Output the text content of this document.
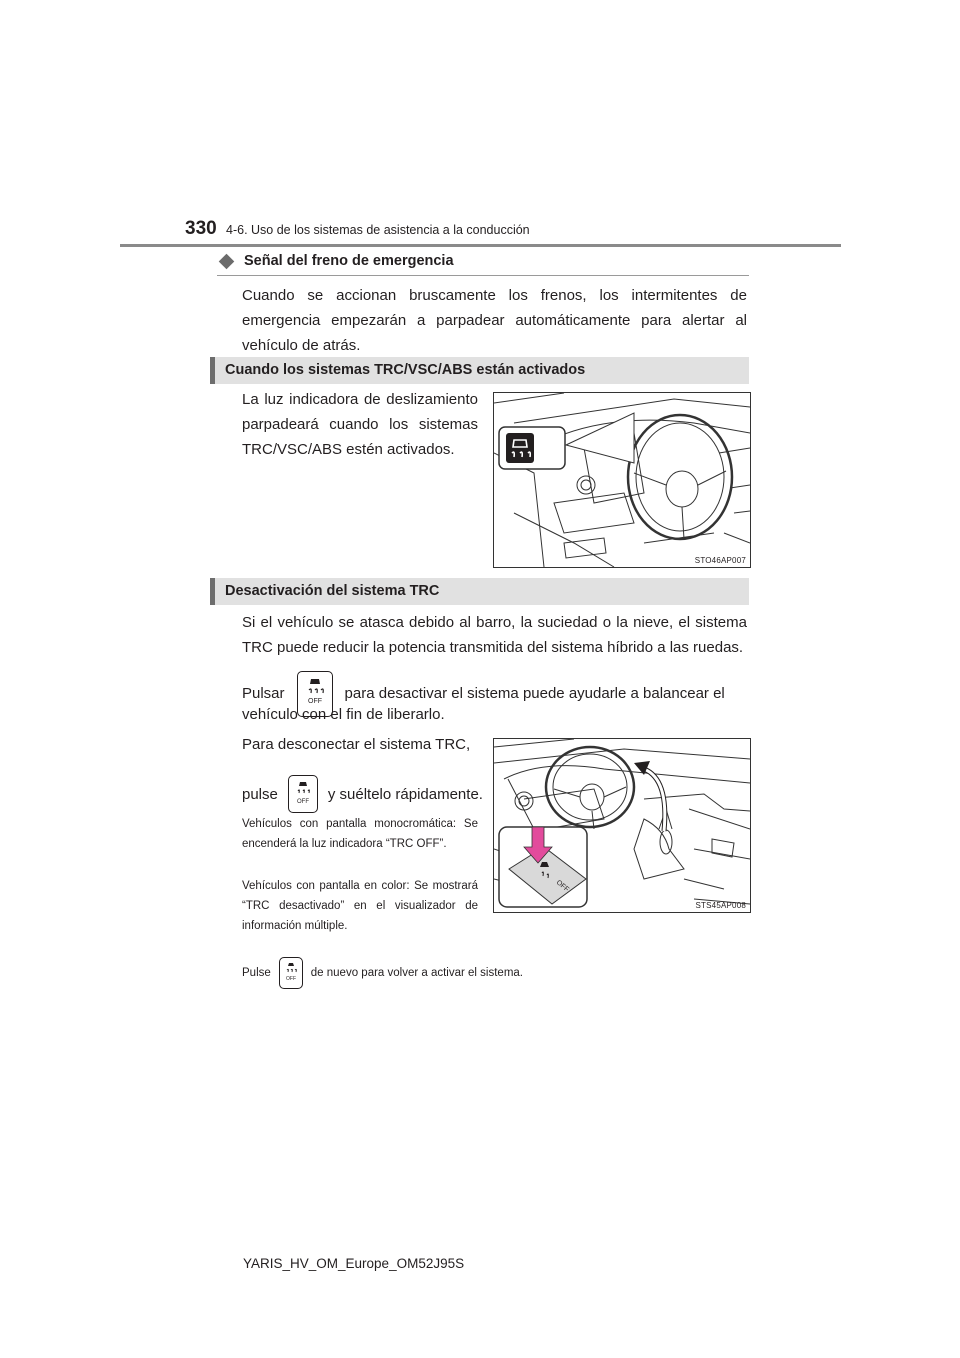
330 4-6. Uso de los sistemas de asistencia a la conducción
Señal del freno de emergencia

Cuando se accionan bruscamente los frenos, los intermitentes de emergencia empezarán a parpadear automáticamente para alertar al vehículo de atrás.

Cuando los sistemas TRC/VSC/ABS están activados

La luz indicadora de deslizamiento parpadeará cuando los sistemas TRC/VSC/ABS estén activados.

STO46AP007
Desactivación del sistema TRC

Si el vehículo se atasca debido al barro, la suciedad o la nieve, el sistema TRC puede reducir la potencia transmitida del sistema híbrido a las ruedas.

Pulsar	OFF para desactivar el sistema puede ayudarle a balancear el
vehículo con el fin de liberarlo.
Para desconectar el sistema TRC,
pulse	OFF y suéltelo rápidamente.

Vehículos con pantalla monocromática: Se encenderá la luz indicadora “TRC OFF”.

Vehículos con pantalla en color: Se mostrará “TRC desactivado” en el visualizador de información múltiple.

Pulse	OFF de nuevo para volver a activar el sistema.
OFF
STS45AP008
YARIS_HV_OM_Europe_OM52J95S
